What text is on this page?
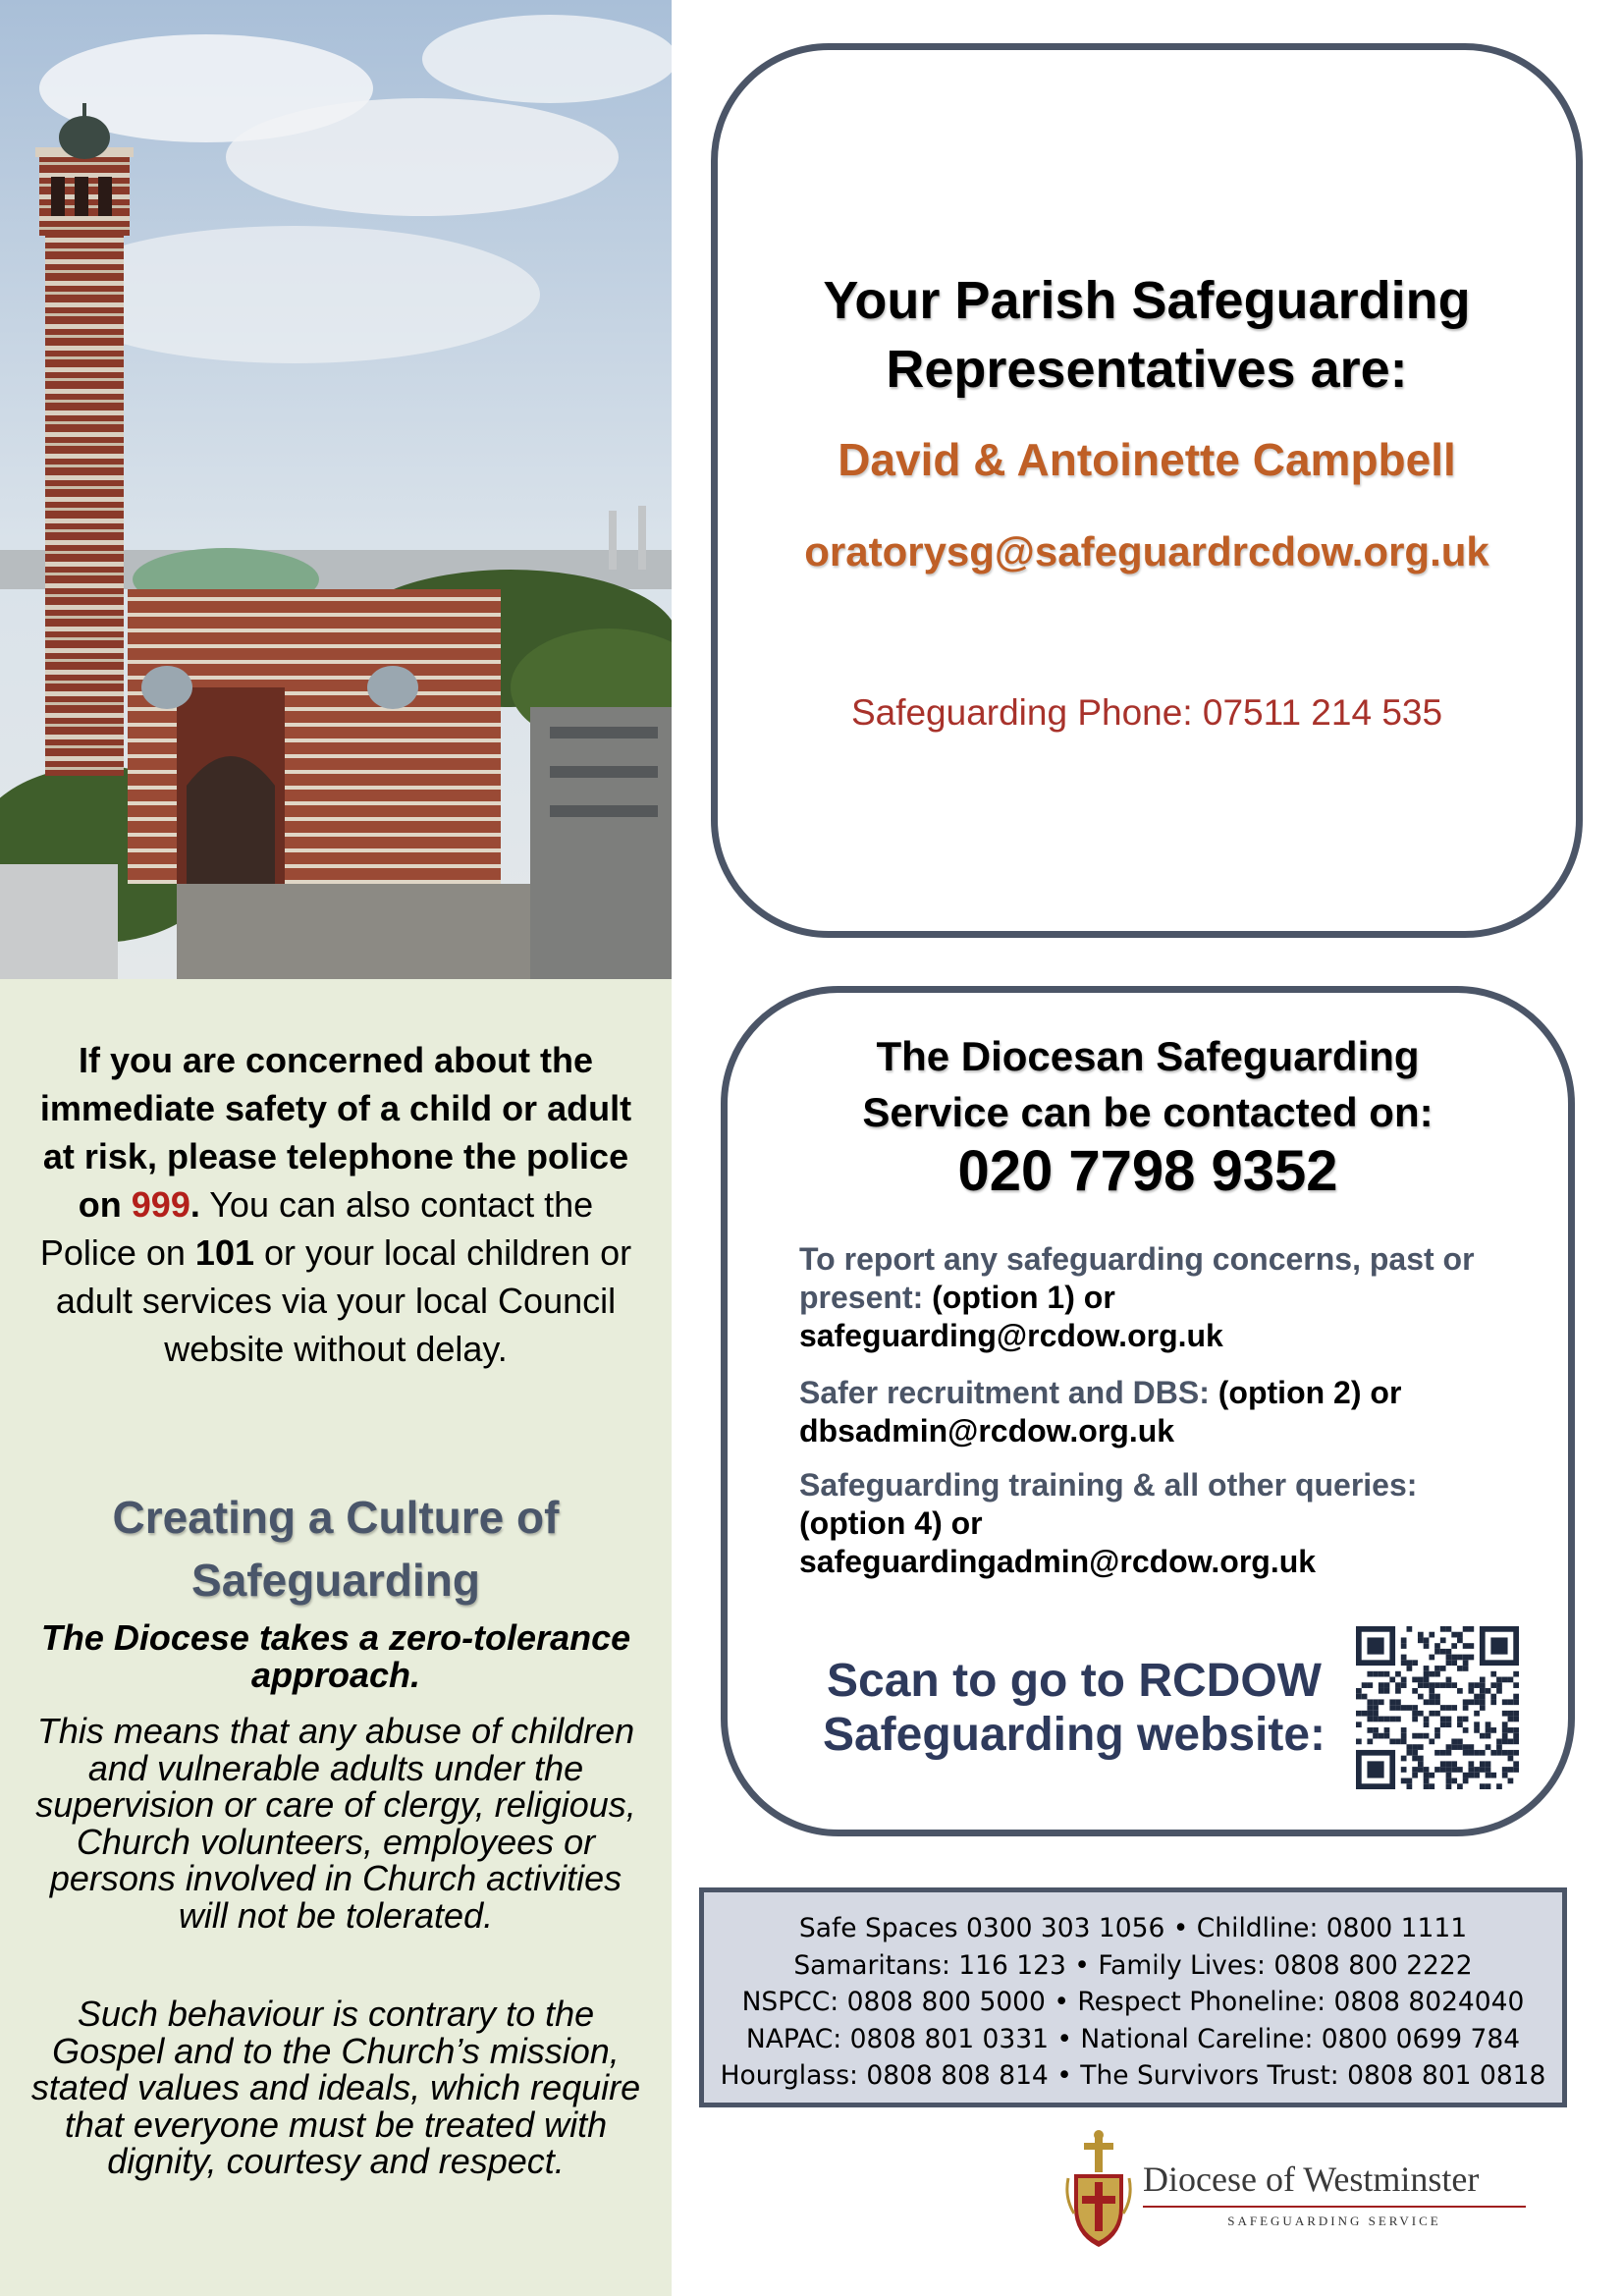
If you are concerned about the immediate safety of a child or adult at risk, please telephone the police on 999. You can also contact the Police on 101 or your local children or adult services via your local Council website without delay.
Creating a Culture of Safeguarding
The Diocese takes a zero-tolerance approach.
This means that any abuse of children and vulnerable adults under the supervision or care of clergy, religious, Church volunteers, employees or persons involved in Church activities will not be tolerated.
Such behaviour is contrary to the Gospel and to the Church’s mission, stated values and ideals, which require that everyone must be treated with dignity, courtesy and respect.
Your Parish Safeguarding
Representatives are:
David & Antoinette Campbell
oratorysg@safeguardrcdow.org.uk
Safeguarding Phone: 07511 214 535
The Diocesan Safeguarding
Service can be contacted on:
020 7798 9352
To report any safeguarding concerns, past or present: (option 1) or
safeguarding@rcdow.org.uk
Safer recruitment and DBS: (option 2) or
dbsadmin@rcdow.org.uk
Safeguarding training & all other queries:
(option 4) or
safeguardingadmin@rcdow.org.uk
Scan to go to RCDOW
Safeguarding website:
Safe Spaces 0300 303 1056 • Childline: 0800 1111
Samaritans: 116 123 • Family Lives: 0808 800 2222
NSPCC: 0808 800 5000 • Respect Phoneline: 0808 8024040
NAPAC: 0808 801 0331 • National Careline: 0800 0699 784
Hourglass: 0808 808 814 • The Survivors Trust: 0808 801 0818
Diocese of Westminster
SAFEGUARDING SERVICE
